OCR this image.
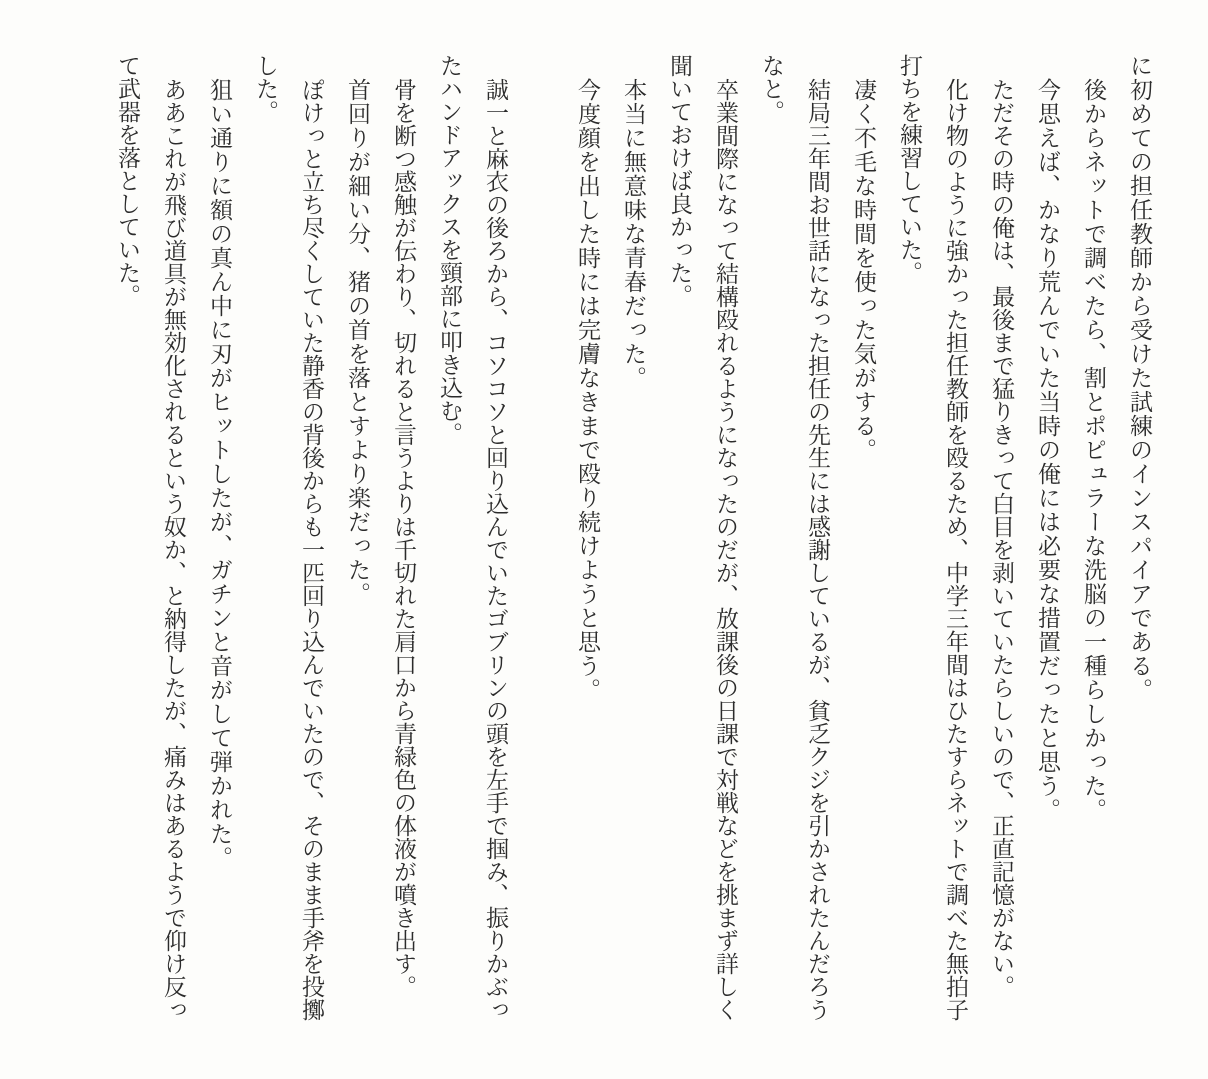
に初めての担任教師から受けた試練のインスパイアである。

後からネットで調べたら、割とポピュラーな洗脳の一種らしかった。

今思えば、かなり荒んでいた当時の俺には必要な措置だったと思う。

ただその時の俺は、最後まで猛りきって白目を剥いていたらしいので、正直記憶がない。

化け物のように強かった担任教師を殴るため、中学三年間はひたすらネットで調べた無拍子打ちを練習していた。

凄く不毛な時間を使った気がする。

結局三年間お世話になった担任の先生には感謝しているが、貧乏クジを引かされたんだろうなと。

卒業間際になって結構殴れるようになったのだが、放課後の日課で対戦などを挑まず詳しく聞いておけば良かった。

本当に無意味な青春だった。

今度顔を出した時には完膚なきまで殴り続けようと思う。

誠一と麻衣の後ろから、コソコソと回り込んでいたゴブリンの頭を左手で掴み、振りかぶったハンドアックスを頸部に叩き込む。

骨を断つ感触が伝わり、切れると言うよりは千切れた肩口から青緑色の体液が噴き出す。

首回りが細い分、猪の首を落とすより楽だった。

ぽけっと立ち尽くしていた静香の背後からも一匹回り込んでいたので、そのまま手斧を投擲した。

狙い通りに額の真ん中に刃がヒットしたが、ガチンと音がして弾かれた。

ああこれが飛び道具が無効化されるという奴か、と納得したが、痛みはあるようで仰け反って武器を落としていた。
